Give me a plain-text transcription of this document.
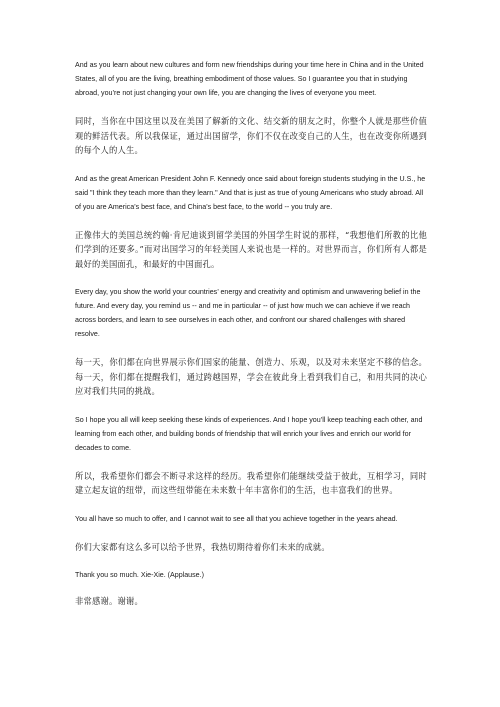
And as you learn about new cultures and form new friendships during your time here in China and in the United States, all of you are the living, breathing embodiment of those values. So I guarantee you that in studying abroad, you’re not just changing your own life, you are changing the lives of everyone you meet.

同时，当你在中国这里以及在美国了解新的文化、结交新的朋友之时，你整个人就是那些价值观的鲜活代表。所以我保证，通过出国留学，你们不仅在改变自己的人生，也在改变你所遇到的每个人的人生。

And as the great American President John F. Kennedy once said about foreign students studying in the U.S., he said "I think they teach more than they learn." And that is just as true of young Americans who study abroad. All of you are America’s best face, and China’s best face, to the world -- you truly are.

正像伟大的美国总统约翰·肯尼迪谈到留学美国的外国学生时说的那样，“我想他们所教的比他们学到的还要多。”而对出国学习的年轻美国人来说也是一样的。对世界而言，你们所有人都是最好的美国面孔，和最好的中国面孔。

Every day, you show the world your countries’ energy and creativity and optimism and unwavering belief in the future. And every day, you remind us -- and me in particular -- of just how much we can achieve if we reach across borders, and learn to see ourselves in each other, and confront our shared challenges with shared resolve.

每一天，你们都在向世界展示你们国家的能量、创造力、乐观，以及对未来坚定不移的信念。每一天，你们都在提醒我们，通过跨越国界，学会在彼此身上看到我们自己，和用共同的决心应对我们共同的挑战。

So I hope you all will keep seeking these kinds of experiences. And I hope you’ll keep teaching each other, and learning from each other, and building bonds of friendship that will enrich your lives and enrich our world for decades to come.

所以，我希望你们都会不断寻求这样的经历。我希望你们能继续受益于彼此，互相学习，同时建立起友谊的纽带，而这些纽带能在未来数十年丰富你们的生活，也丰富我们的世界。

You all have so much to offer, and I cannot wait to see all that you achieve together in the years ahead.

你们大家都有这么多可以给予世界，我热切期待着你们未来的成就。

Thank you so much. Xie-Xie. (Applause.)

非常感谢。谢谢。
